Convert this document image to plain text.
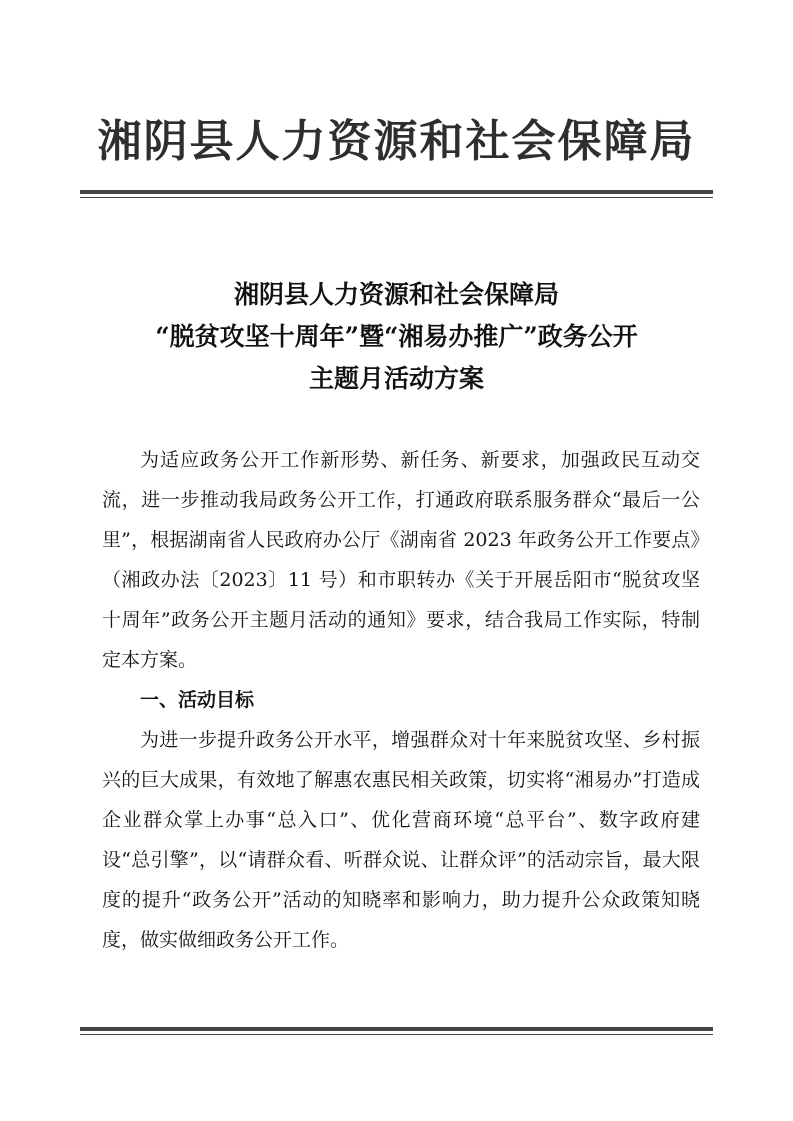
湘阴县人力资源和社会保障局
湘阴县人力资源和社会保障局
“脱贫攻坚十周年”暨“湘易办推广”政务公开
主题月活动方案

为适应政务公开工作新形势、新任务、新要求，加强政民互动交流，进一步推动我局政务公开工作，打通政府联系服务群众“最后一公里”，根据湖南省人民政府办公厅《湖南省 2023 年政务公开工作要点》（湘政办法〔2023〕11 号）和市职转办《关于开展岳阳市“脱贫攻坚十周年”政务公开主题月活动的通知》要求，结合我局工作实际，特制定本方案。

一、活动目标

为进一步提升政务公开水平，增强群众对十年来脱贫攻坚、乡村振兴的巨大成果，有效地了解惠农惠民相关政策，切实将“湘易办”打造成企业群众掌上办事“总入口”、优化营商环境“总平台”、数字政府建设“总引擎”，以“请群众看、听群众说、让群众评”的活动宗旨，最大限度的提升“政务公开”活动的知晓率和影响力，助力提升公众政策知晓度，做实做细政务公开工作。
